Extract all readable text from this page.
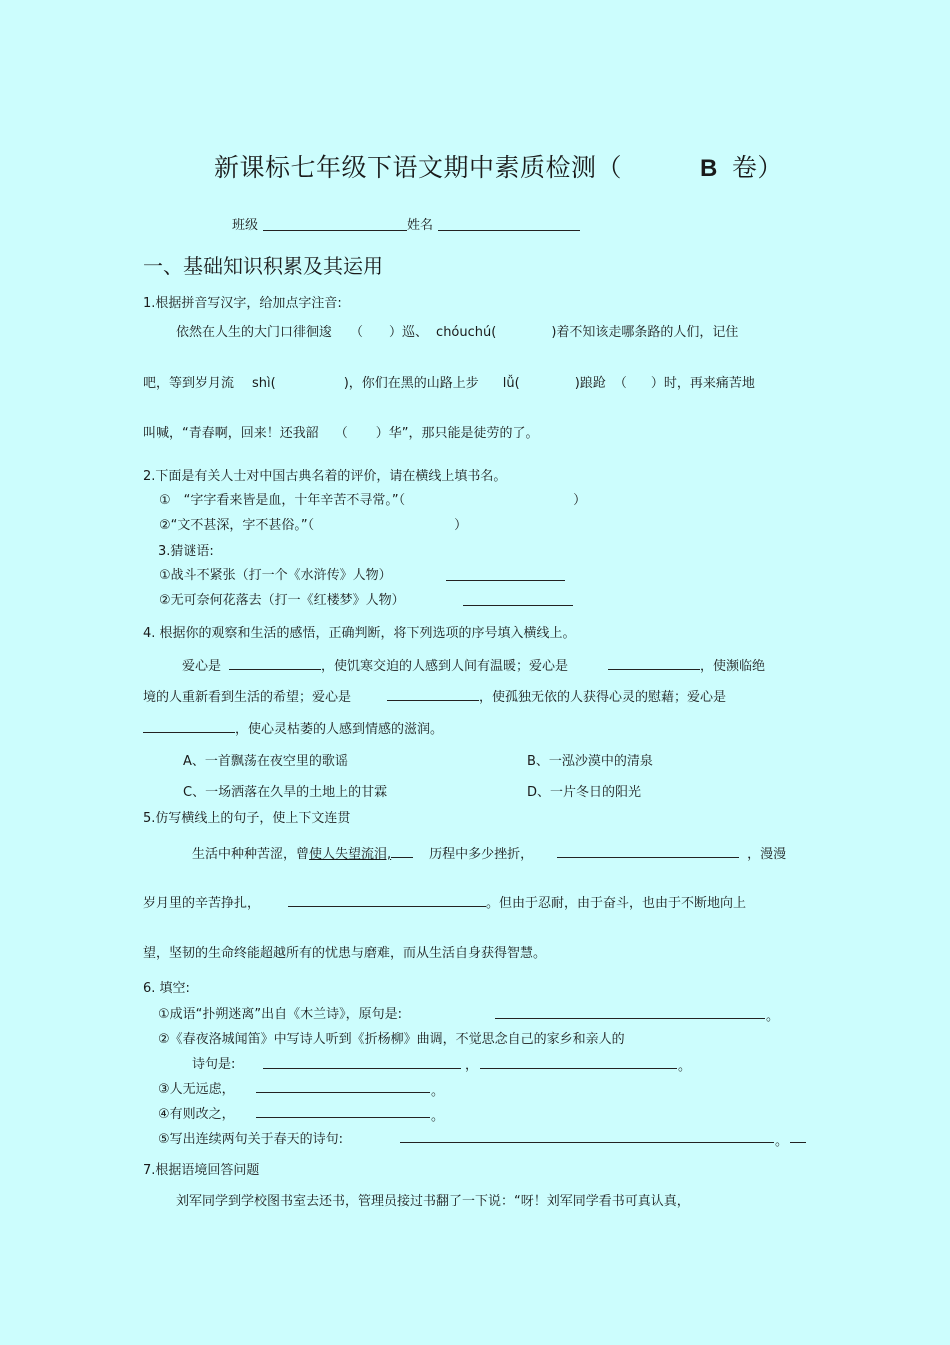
新课标七年级下语文期中素质检测（	B 卷）
班级	姓名
一、基础知识积累及其运用
1.根据拼音写汉字，给加点字注音:
依然在人生的大门口徘徊逡 （ ）巡、 chóuchú(	)着不知该走哪条路的人们，记住
吧，等到岁月流 shì(	)，你们在黑的山路上步 lǚ(	)踉跄 （ ）时，再来痛苦地
叫喊，“青春啊，回来！还我韶 （ ）华”，那只能是徒劳的了。
2.下面是有关人士对中国古典名着的评价，请在横线上填书名。
①　“字字看来皆是血，十年辛苦不寻常。”（	）
②“文不甚深，字不甚俗。”（	）
3.猜谜语:
①战斗不紧张（打一个《水浒传》人物）
②无可奈何花落去（打一《红楼梦》人物）
4. 根据你的观察和生活的感悟，正确判断，将下列选项的序号填入横线上。
爱心是	，使饥寒交迫的人感到人间有温暖；爱心是	，使濒临绝
境的人重新看到生活的希望；爱心是	，使孤独无依的人获得心灵的慰藉；爱心是
，使心灵枯萎的人感到情感的滋润。
A、一首飘荡在夜空里的歌谣	B、一泓沙漠中的清泉
C、一场洒落在久旱的土地上的甘霖	D、一片冬日的阳光
5.仿写横线上的句子，使上下文连贯
生活中种种苦涩，曾使人失望流泪,	历程中多少挫折，	，漫漫
岁月里的辛苦挣扎，	。但由于忍耐，由于奋斗，也由于不断地向上
望，坚韧的生命终能超越所有的忧患与磨难，而从生活自身获得智慧。
6. 填空:
①成语“扑朔迷离”出自《木兰诗》，原句是:	。
②《春夜洛城闻笛》中写诗人听到《折杨柳》曲调，不觉思念自己的家乡和亲人的
诗句是:	，	。
③人无远虑，	。
④有则改之，	。
⑤写出连续两句关于春天的诗句:	。
7.根据语境回答问题
刘军同学到学校图书室去还书，管理员接过书翻了一下说：“呀！刘军同学看书可真认真，
